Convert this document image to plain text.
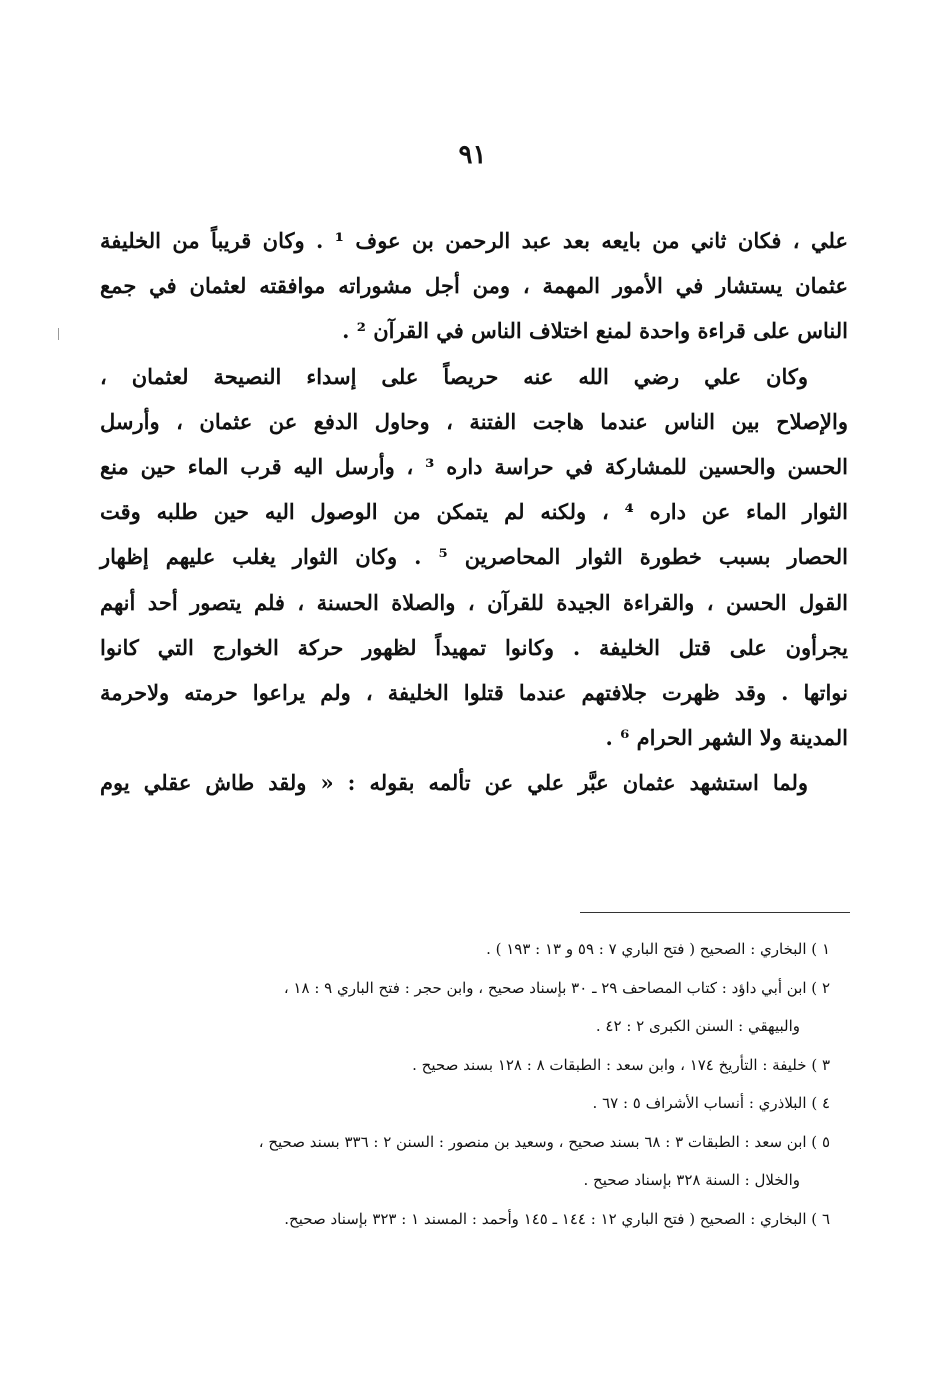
٩١
علي ، فكان ثاني من بايعه بعد عبد الرحمن بن عوف ¹ . وكان قريباً من الخليفة
عثمان يستشار في الأمور المهمة ، ومن أجل مشوراته موافقته لعثمان في جمع
الناس على قراءة واحدة لمنع اختلاف الناس في القرآن ² .
وكان علي رضي الله عنه حريصاً على إسداء النصيحة لعثمان ،
والإصلاح بين الناس عندما هاجت الفتنة ، وحاول الدفع عن عثمان ، وأرسل
الحسن والحسين للمشاركة في حراسة داره ³ ، وأرسل اليه قرب الماء حين منع
الثوار الماء عن داره ⁴ ، ولكنه لم يتمكن من الوصول اليه حين طلبه وقت
الحصار بسبب خطورة الثوار المحاصرين ⁵ . وكان الثوار يغلب عليهم إظهار
القول الحسن ، والقراءة الجيدة للقرآن ، والصلاة الحسنة ، فلم يتصور أحد أنهم
يجرأون على قتل الخليفة . وكانوا تمهيداً لظهور حركة الخوارج التي كانوا
نواتها . وقد ظهرت جلافتهم عندما قتلوا الخليفة ، ولم يراعوا حرمته ولاحرمة
المدينة ولا الشهر الحرام ⁶ .
ولما استشهد عثمان عبَّر علي عن تألمه بقوله : « ولقد طاش عقلي يوم
١ ) البخاري : الصحيح ( فتح الباري ٧ : ٥٩ و ١٣ : ١٩٣ ) .
٢ ) ابن أبي داؤد : كتاب المصاحف ٢٩ ـ ٣٠ بإسناد صحيح ، وابن حجر : فتح الباري ٩ : ١٨ ،
والبيهقي : السنن الكبرى ٢ : ٤٢ .
٣ ) خليفة : التأريخ ١٧٤ ، وابن سعد : الطبقات ٨ : ١٢٨ بسند صحيح .
٤ ) البلاذري : أنساب الأشراف ٥ : ٦٧ .
٥ ) ابن سعد : الطبقات ٣ : ٦٨ بسند صحيح ، وسعيد بن منصور : السنن ٢ : ٣٣٦ بسند صحيح ،
والخلال : السنة ٣٢٨ بإسناد صحيح .
٦ ) البخاري : الصحيح ( فتح الباري ١٢ : ١٤٤ ـ ١٤٥ وأحمد : المسند ١ : ٣٢٣ بإسناد صحيح.
